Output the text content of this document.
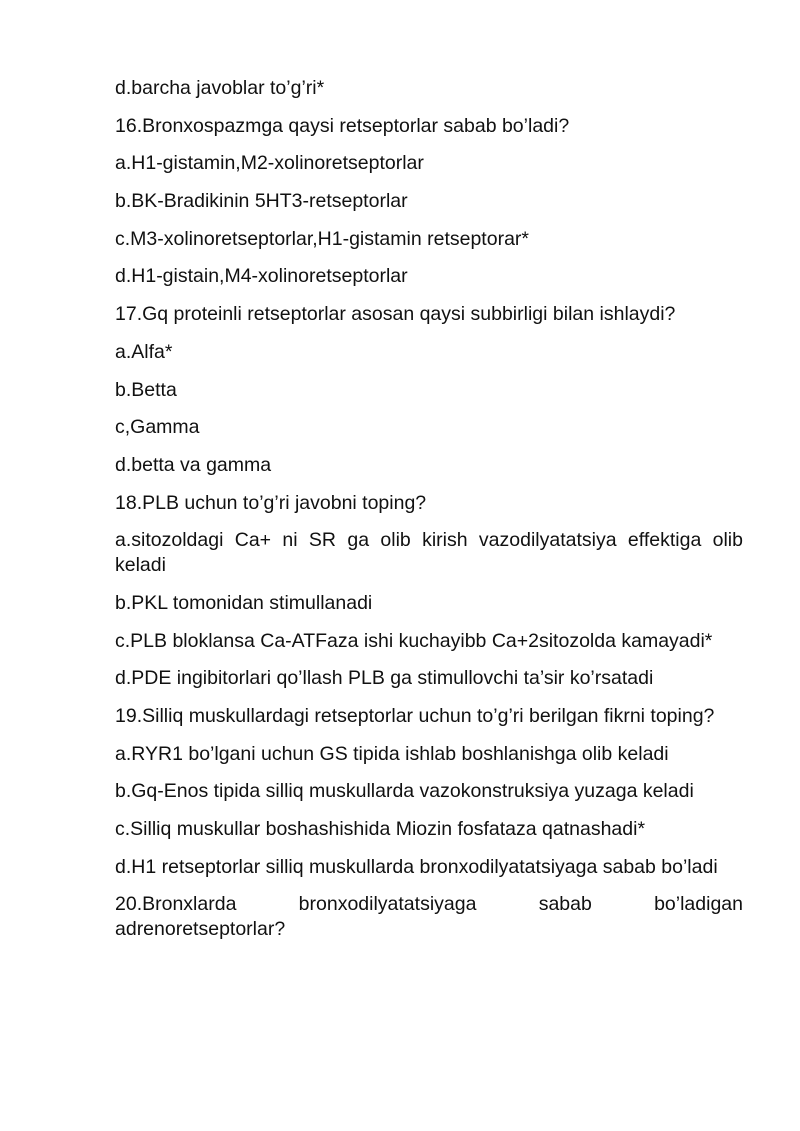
d.barcha javoblar to’g’ri*

16.Bronxospazmga qaysi retseptorlar sabab bo’ladi?

a.H1-gistamin,M2-xolinoretseptorlar

b.BK-Bradikinin 5HT3-retseptorlar

c.M3-xolinoretseptorlar,H1-gistamin retseptorar*

d.H1-gistain,M4-xolinoretseptorlar

17.Gq proteinli retseptorlar asosan qaysi subbirligi bilan ishlaydi?

a.Alfa*

b.Betta

c,Gamma

d.betta va gamma

18.PLB uchun to’g’ri javobni toping?

a.sitozoldagi Ca+ ni SR ga olib kirish vazodilyatatsiya effektiga olib keladi

b.PKL tomonidan stimullanadi

c.PLB bloklansa Ca-ATFaza ishi kuchayibb Ca+2sitozolda kamayadi*

d.PDE ingibitorlari qo’llash PLB ga stimullovchi ta’sir ko’rsatadi

19.Silliq muskullardagi retseptorlar uchun to’g’ri berilgan fikrni toping?

a.RYR1 bo’lgani uchun GS tipida ishlab boshlanishga olib keladi

b.Gq-Enos tipida silliq muskullarda vazokonstruksiya yuzaga keladi

c.Silliq muskullar boshashishida Miozin fosfataza qatnashadi*

d.H1 retseptorlar silliq muskullarda bronxodilyatatsiyaga sabab bo’ladi

20.Bronxlarda bronxodilyatatsiyaga sabab bo’ladigan adrenoretseptorlar?
